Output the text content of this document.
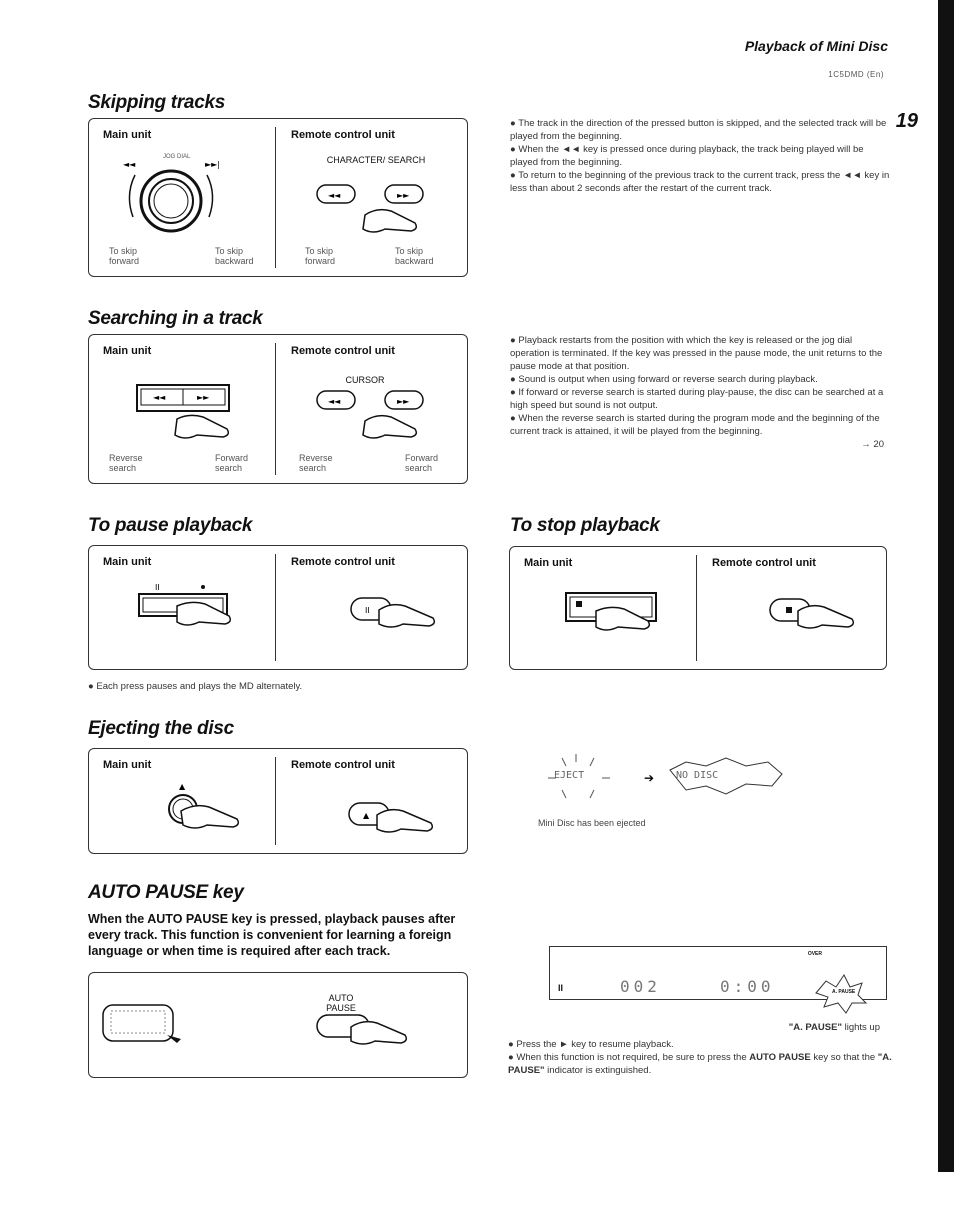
Playback of Mini Disc
1C5DMD (En)
19
Skipping tracks
Main unit	Remote control unit
JOG DIAL
◄◄	►►|	CHARACTER/ SEARCH
◄◄	►►
To skip forward
To skip backward
To skip forward
To skip backward

● The track in the direction of the pressed button is skipped, and the selected track will be played from the beginning.

● When the ◄◄ key is pressed once during playback, the track being played will be played from the beginning.

● To return to the beginning of the previous track to the current track, press the ◄◄ key in less than about 2 seconds after the restart of the current track.

Searching in a track
Main unit	Remote control unit
◄◄	►►
CURSOR
◄◄	►►
Reverse search
Forward search
Reverse search
Forward search

● Playback restarts from the position with which the key is released or the jog dial operation is terminated. If the key was pressed in the pause mode, the unit returns to the pause mode at that position.

● Sound is output when using forward or reverse search during playback.

● If forward or reverse search is started during play-pause, the disc can be searched at a high speed but sound is not output.

● When the reverse search is started during the program mode and the beginning of the current track is attained, it will be played from the beginning.

→ 20

To pause playback
Main unit	Remote control unit
II
II

● Each press pauses and plays the MD alternately.

To stop playback
Main unit	Remote control unit
Ejecting the disc
Main unit	Remote control unit
▲
▲
➔
EJECT	NO DISC
Mini Disc has been ejected
AUTO PAUSE key
When the AUTO PAUSE key is pressed, playback pauses after every track. This function is convenient for learning a foreign language or when time is required after each track.
AUTO PAUSE
OVER
II	002	0:00	A. PAUSE
"A. PAUSE" lights up

● Press the ► key to resume playback.

● When this function is not required, be sure to press the AUTO PAUSE key so that the "A. PAUSE" indicator is extinguished.
